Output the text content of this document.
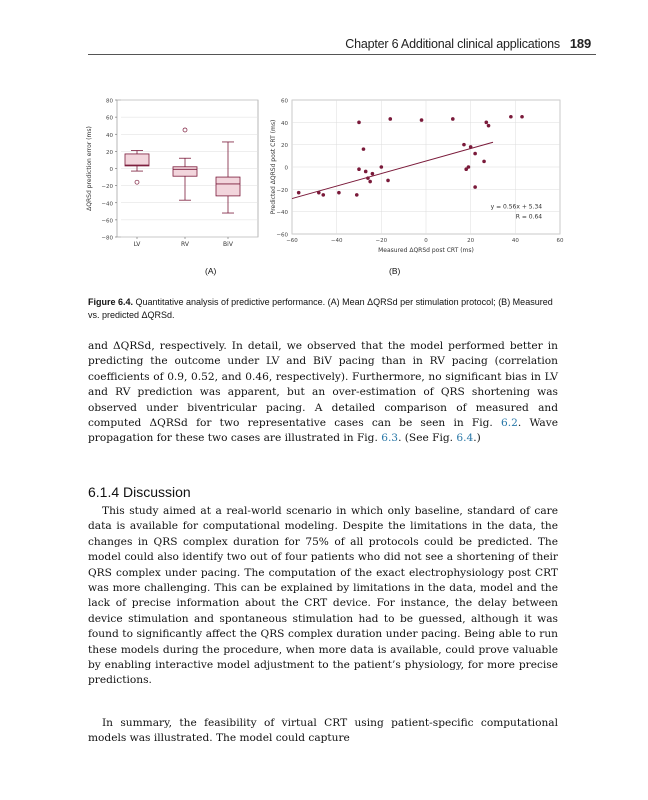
Chapter 6 Additional clinical applications 189
80
60
40
20
0
−20
−40
−60
−80
ΔQRSd prediction error (ms)
LV	RV	BiV
60
40
20
0
−20
−40
−60
−60	−40	−20	0	20	40	60
Measured ΔQRSd post CRT (ms)
Predicted ΔQRSd post CRT (ms)	y = 0.56x + 5.34
R = 0.64
(A)	(B)
Figure 6.4. Quantitative analysis of predictive performance. (A) Mean ΔQRSd per stimulation protocol; (B) Measured vs. predicted ΔQRSd.

and ΔQRSd, respectively. In detail, we observed that the model performed better in predicting the outcome under LV and BiV pacing than in RV pacing (correlation coefficients of 0.9, 0.52, and 0.46, respectively). Furthermore, no significant bias in LV and RV prediction was apparent, but an over-estimation of QRS shortening was observed under biventricular pacing. A detailed comparison of measured and computed ΔQRSd for two representative cases can be seen in Fig. 6.2. Wave propagation for these two cases are illustrated in Fig. 6.3. (See Fig. 6.4.)

6.1.4 Discussion

This study aimed at a real-world scenario in which only baseline, standard of care data is available for computational modeling. Despite the limitations in the data, the changes in QRS complex duration for 75% of all protocols could be predicted. The model could also identify two out of four patients who did not see a shortening of their QRS complex under pacing. The computation of the exact electrophysiology post CRT was more challenging. This can be explained by limitations in the data, model and the lack of precise information about the CRT device. For instance, the delay between device stimulation and spontaneous stimulation had to be guessed, although it was found to significantly affect the QRS complex duration under pacing. Being able to run these models during the procedure, when more data is available, could prove valuable by enabling interactive model adjustment to the patient’s physiology, for more precise predictions.

In summary, the feasibility of virtual CRT using patient-specific computational models was illustrated. The model could capture
